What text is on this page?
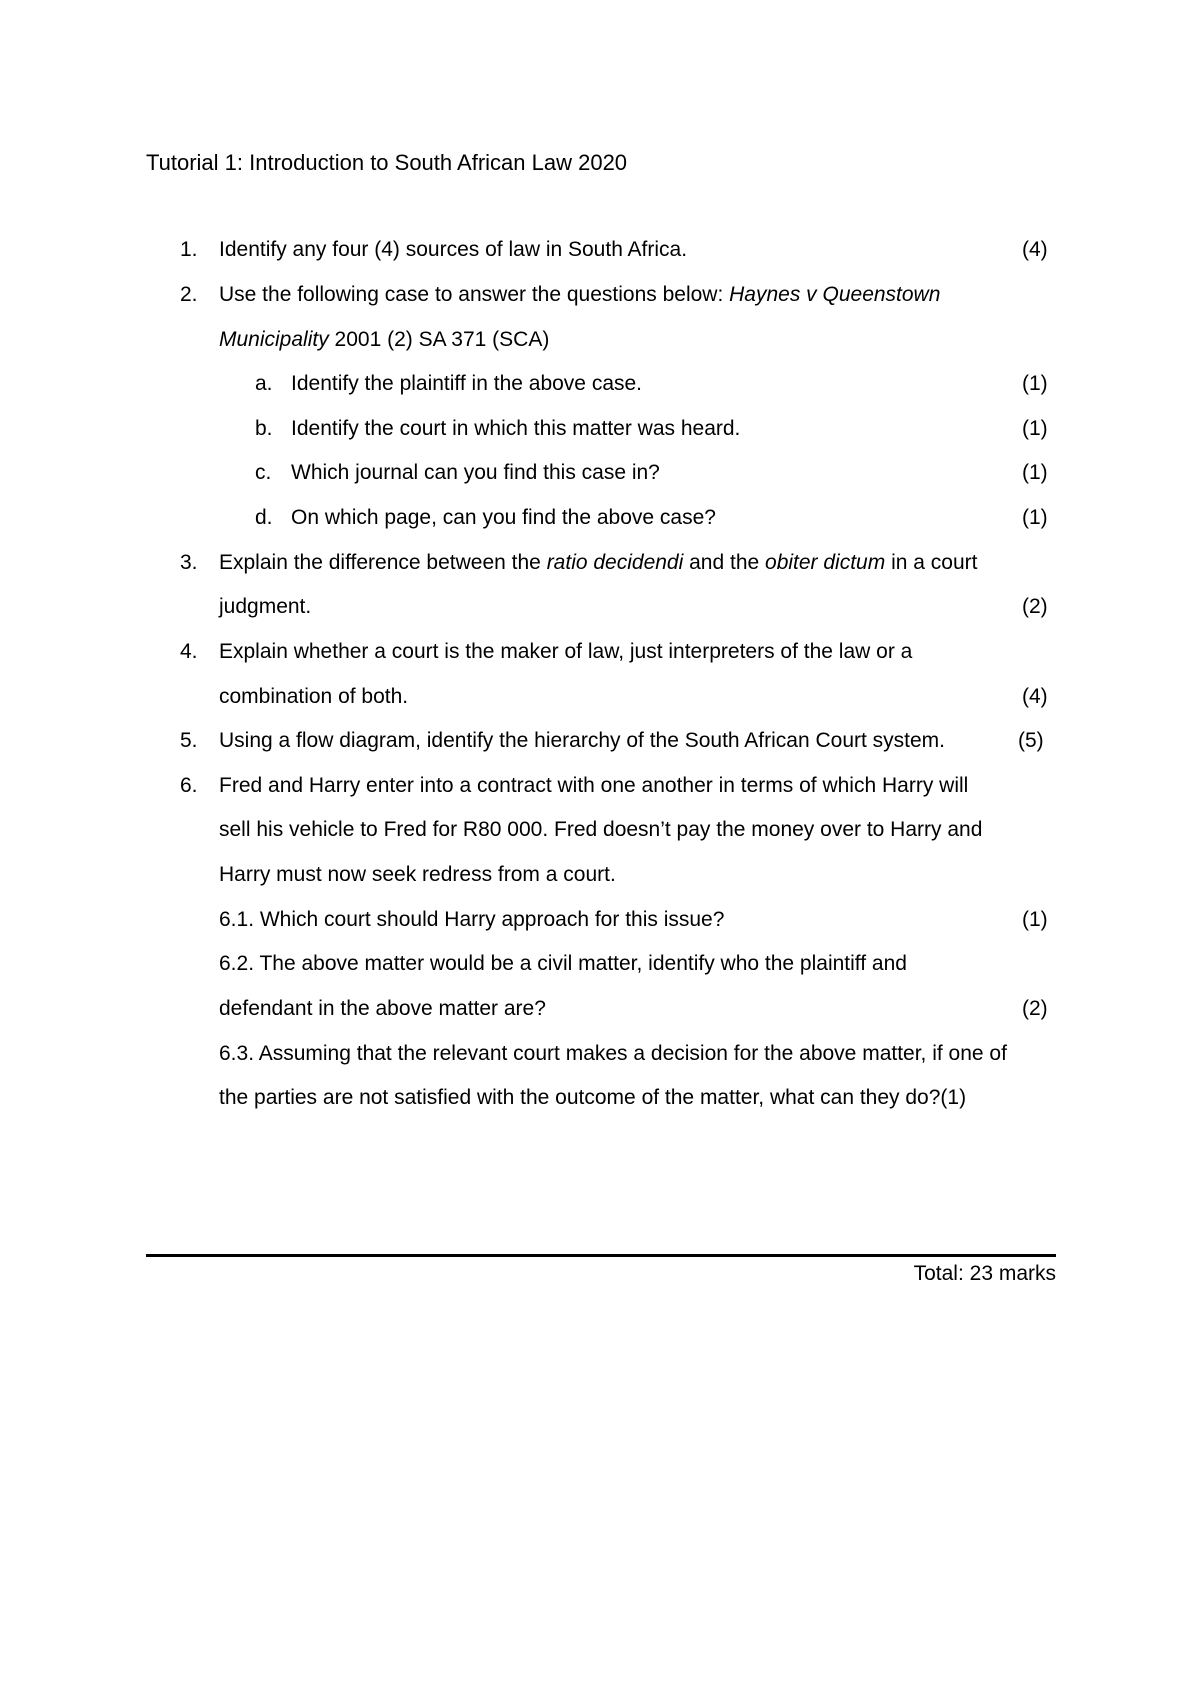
Tutorial 1: Introduction to South African Law 2020
1. Identify any four (4) sources of law in South Africa.	(4)
2. Use the following case to answer the questions below: Haynes v Queenstown
Municipality 2001 (2) SA 371 (SCA)
a. Identify the plaintiff in the above case.	(1)
b. Identify the court in which this matter was heard.	(1)
c. Which journal can you find this case in?	(1)
d. On which page, can you find the above case?	(1)
3. Explain the difference between the ratio decidendi and the obiter dictum in a court
judgment.	(2)
4. Explain whether a court is the maker of law, just interpreters of the law or a
combination of both.	(4)
5. Using a flow diagram, identify the hierarchy of the South African Court system.	(5)
6. Fred and Harry enter into a contract with one another in terms of which Harry will
sell his vehicle to Fred for R80 000. Fred doesn’t pay the money over to Harry and
Harry must now seek redress from a court.
6.1. Which court should Harry approach for this issue?	(1)
6.2. The above matter would be a civil matter, identify who the plaintiff and
defendant in the above matter are?	(2)
6.3. Assuming that the relevant court makes a decision for the above matter, if one of
the parties are not satisfied with the outcome of the matter, what can they do?(1)
Total: 23 marks
